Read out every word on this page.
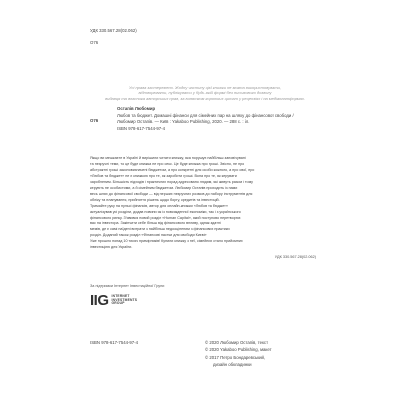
УДК 330.567.28(02.062)
О76
Усі права застережено. Жодну частину цієї книжки не можна використовувати,
відтворювати, публікувати у будь-якій формі без письмового дозволу
видавця та власника авторських прав, за винятком коротких цитат у рецензіях і на медіаплатформах.
О76
Остапів Любомир
Любов та бюджет. Домашні фінанси для сімейних пар на шляху до фінансової свободи /
Любомир Остапів. — Київ : Yakaboo Publishing, 2020. — 288 с. : іл.
ISBN 978-617-7544-97-4

Якщо ви мешкаєте в Україні й вирішили читати книжку, яка порушує найбільш заповічувані

та незручні теми, то це буде книжка не про секс. Це буде книжка про гроші. Звісно, не про

абстрактні гроші законовизначені бюджетом, а про конкретні для особи кожного, а про свої, про

«Любов та бюджет» не є книжкою про те, як заробити гроші. Вона про те, як керувати

заробленим. Більшість підходів і практичних порад адресовано людям, які живуть разом і тому

керують не особистими, а й сімейним бюджетом. Любомир Остапів проходить із нами

весь шлях до фінансової свободи — від перших незручних розмов до набору інструментів для

обліку та планування, прийняття рішень щодо боргу, кредитів та інвестицій.

Тримайте руку на пульсі фінансів, автор для онлайн-книжки «Любов та бюджет»

актуалізував усі розділи, додав новини як із повсякденної економіки, так і з українського

фінансового ринку. З'явився новий розділ «Human Capital», який поступово перетворює

вас на інвестора. Закінчити себе більш від фінансового впливу, однак здатні

мемів, де є самі наїдені витрати з найбільш недооціненим з фінансових практики

розділ. Доданий також розділ «Фінансові пастки для свободи Києві»

Уже прошло понад 10 тисяч примірників! Купили книжку з неї, сімейних стало прийомних

інвестицією для України.

УДК 330.567.28(02.062)
За підтримки Інтернет Інвестиційної Групи
IIG INTERNET
INVESTMENTS
GROUP
ISBN 978-617-7544-97-4	© 2020 Любомир Остапів, текст
© 2020 Yakaboo Publishing, макет
© 2017 Петро Бондаревський,
дизайн обкладинки
